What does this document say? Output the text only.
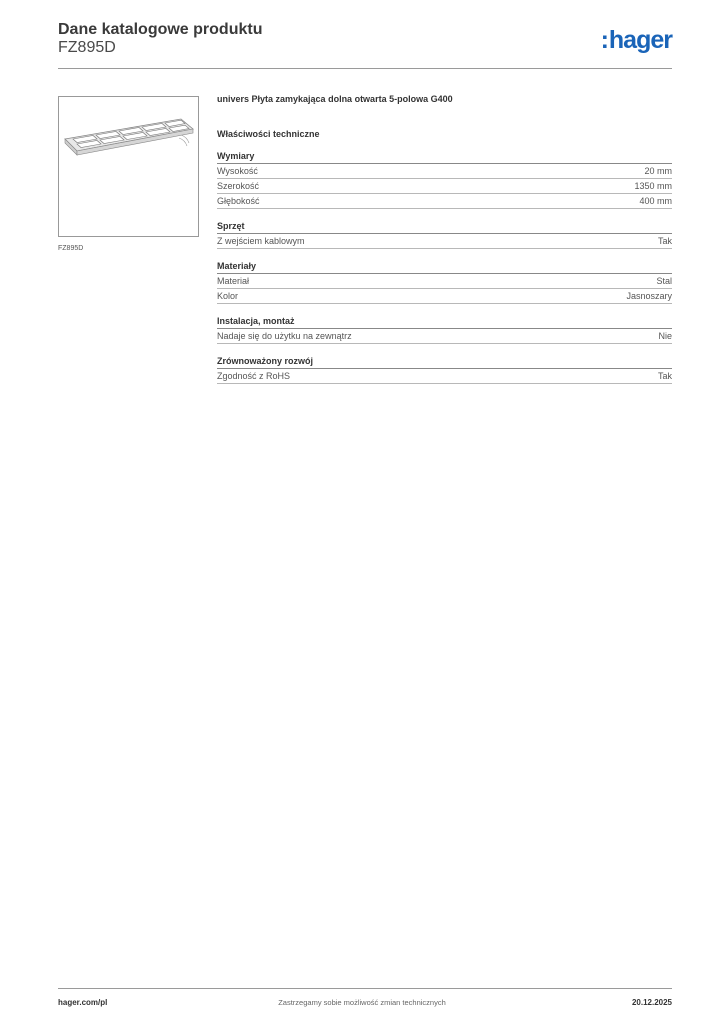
Dane katalogowe produktu
FZ895D	:hager
FZ895D
univers Płyta zamykająca dolna otwarta 5-polowa G400
Właściwości techniczne
Wymiary
Wysokość	20 mm
Szerokość	1350 mm
Głębokość	400 mm
Sprzęt
Z wejściem kablowym	Tak
Materiały
Materiał	Stal
Kolor	Jasnoszary
Instalacja, montaż
Nadaje się do użytku na zewnątrz	Nie
Zrównoważony rozwój
Zgodność z RoHS	Tak
hager.com/pl	Zastrzegamy sobie możliwość zmian technicznych	20.12.2025
